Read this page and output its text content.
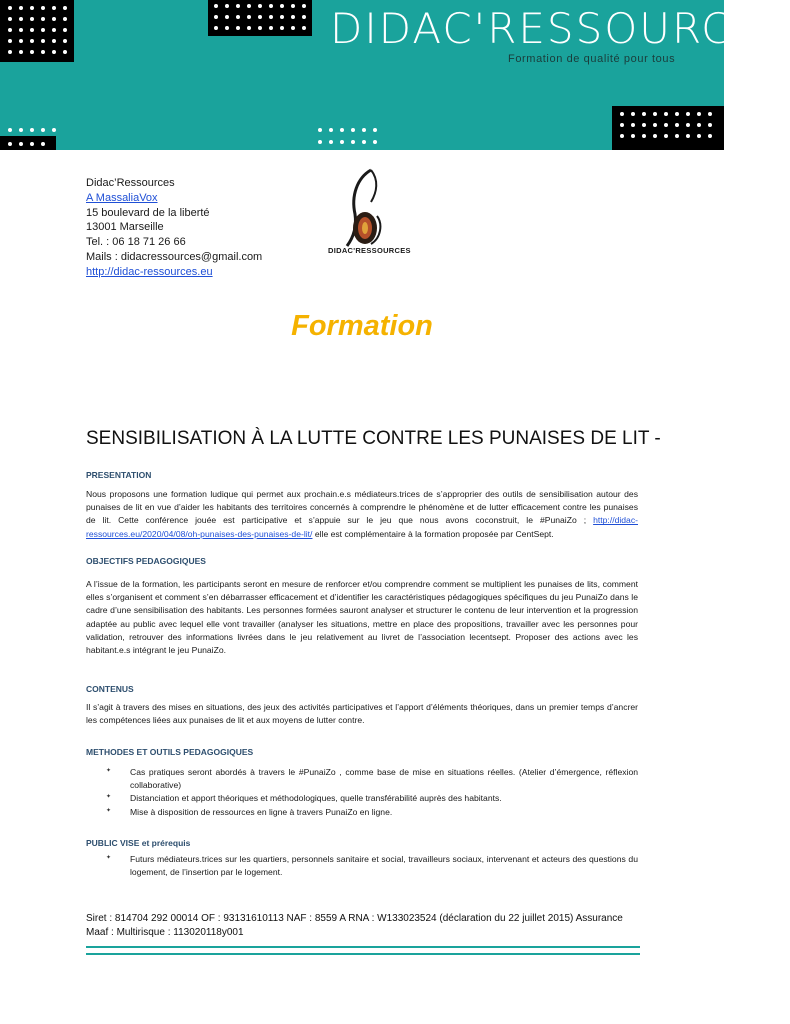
DIDAC'RESSOURCES
Formation de qualité pour tous
Didac’Ressources
A MassaliaVox
15 boulevard de la liberté
13001 Marseille
Tel. : 06 18 71 26 66
Mails : didacressources@gmail.com
http://didac-ressources.eu
DIDAC'RESSOURCES
Formation
SENSIBILISATION À LA LUTTE CONTRE LES PUNAISES DE LIT -
PRESENTATION
Nous proposons une formation ludique qui permet aux prochain.e.s médiateurs.trices de s’approprier des outils de sensibilisation autour des punaises de lit en vue d’aider les habitants des territoires concernés à comprendre le phénomène et de lutter efficacement contre les punaises de lit. Cette conférence jouée est participative et s’appuie sur le jeu que nous avons coconstruit, le #PunaiZo ; http://didac-ressources.eu/2020/04/08/oh-punaises-des-punaises-de-lit/ elle est complémentaire à la formation proposée par CentSept.
OBJECTIFS PEDAGOGIQUES
A l’issue de la formation, les participants seront en mesure de renforcer et/ou comprendre comment se multiplient les punaises de lits, comment elles s’organisent et comment s’en débarrasser efficacement et d’identifier les caractéristiques pédagogiques spécifiques du jeu PunaiZo dans le cadre d’une sensibilisation des habitants. Les personnes formées sauront analyser et structurer le contenu de leur intervention et la progression adaptée au public avec lequel elle vont travailler (analyser les situations, mettre en place des propositions, travailler avec les personnes pour validation, retrouver des informations livrées dans le jeu relativement au livret de l’association lecentsept. Proposer des actions avec les habitant.e.s intégrant le jeu PunaiZo.
CONTENUS
Il s’agit à travers des mises en situations, des jeux des activités participatives et l’apport d’éléments théoriques, dans un premier temps d’ancrer les compétences liées aux punaises de lit et aux moyens de lutter contre.
METHODES ET OUTILS PEDAGOGIQUES
✦ Cas pratiques seront abordés à travers le #PunaiZo , comme base de mise en situations réelles. (Atelier d’émergence, réflexion collaborative)
✦ Distanciation et apport théoriques et méthodologiques, quelle transférabilité auprès des habitants.
✦ Mise à disposition de ressources en ligne à travers PunaiZo en ligne.
PUBLIC VISE et prérequis
✦ Futurs médiateurs.trices sur les quartiers, personnels sanitaire et social, travailleurs sociaux, intervenant et acteurs des questions du logement, de l’insertion par le logement.
Siret : 814704 292 00014 OF : 93131610113 NAF : 8559 A RNA : W133023524 (déclaration du 22 juillet 2015) Assurance
Maaf : Multirisque : 113020118y001
